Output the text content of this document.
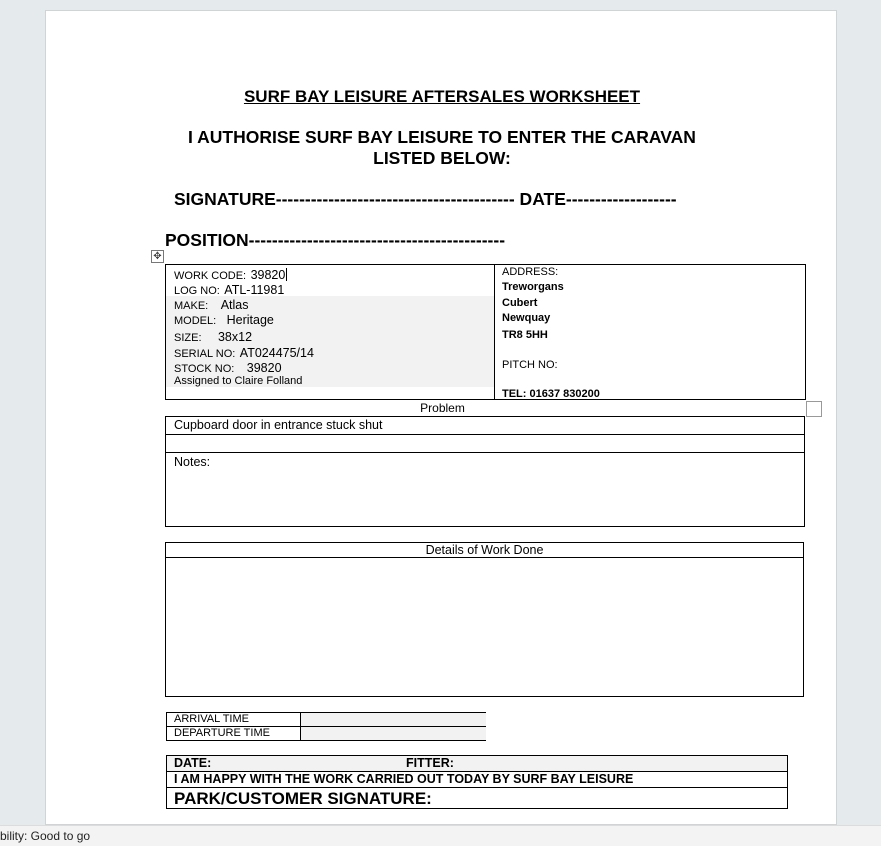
SURF BAY LEISURE AFTERSALES WORKSHEET
I AUTHORISE SURF BAY LEISURE TO ENTER THE CARAVAN
LISTED BELOW:
SIGNATURE----------------------------------------- DATE-------------------
POSITION--------------------------------------------
✥
WORK CODE: 39820
LOG NO: ATL-11981
MAKE: Atlas
MODEL: Heritage
SIZE: 38x12
SERIAL NO: AT024475/14
STOCK NO: 39820
Assigned to Claire Folland
ADDRESS:
Treworgans
Cubert
Newquay
TR8 5HH
PITCH NO:
TEL: 01637 830200
Problem
Cupboard door in entrance stuck shut
Notes:
Details of Work Done
ARRIVAL TIME
DEPARTURE TIME
DATE:	FITTER:
I AM HAPPY WITH THE WORK CARRIED OUT TODAY BY SURF BAY LEISURE
PARK/CUSTOMER SIGNATURE:
bility: Good to go
